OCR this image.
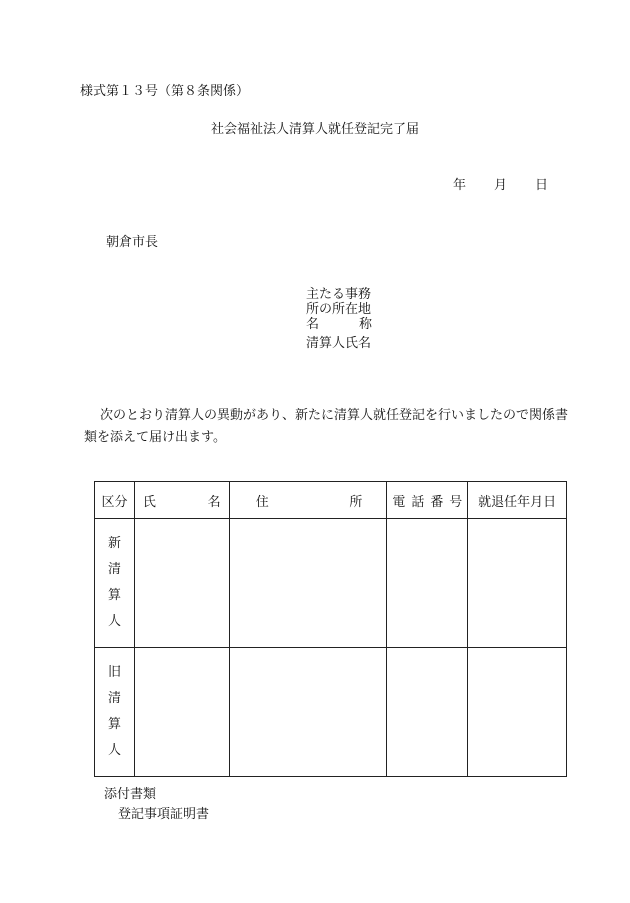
様式第１３号（第８条関係）
社会福祉法人清算人就任登記完了届
年 月 日
朝倉市長
主たる事務
所の所在地
名	称
清算人氏名
次のとおり清算人の異動があり、新たに清算人就任登記を行いましたので関係書類を添えて届け出ます。
区分	氏 名	住 所	電 話 番 号	就退任年月日

新
清
算
人				

旧
清
算
人				

添付書類
登記事項証明書
